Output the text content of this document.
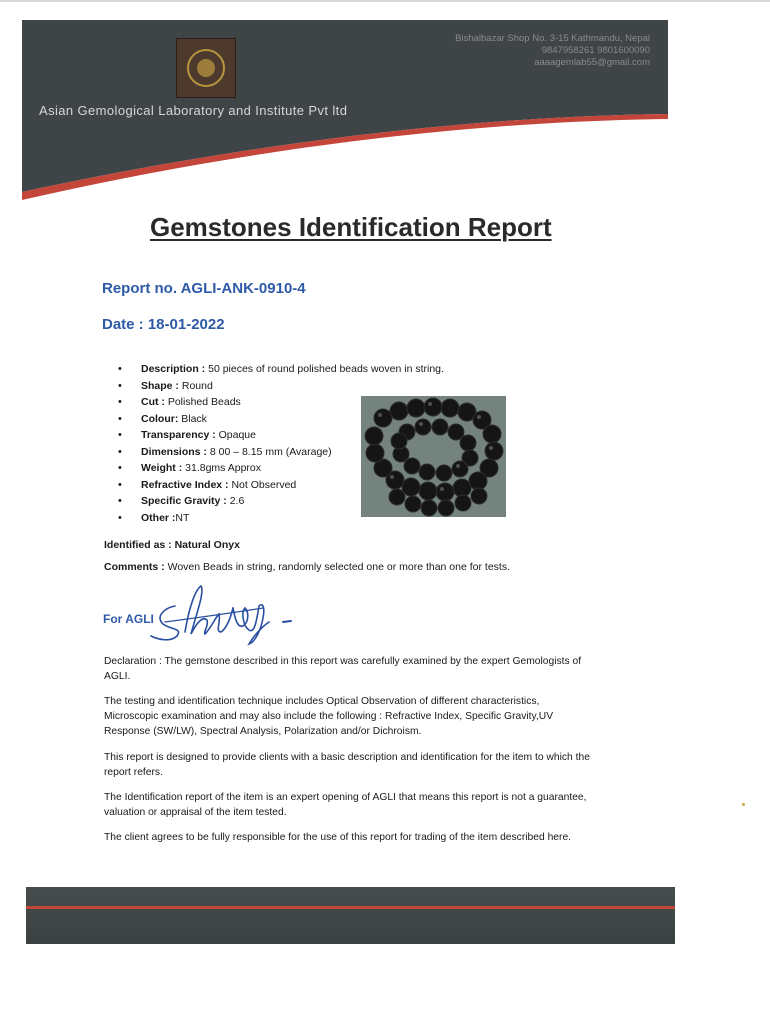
Asian Gemological Laboratory and Institute Pvt ltd
Bishalbazar Shop No. 3-15 Kathmandu, Nepal
9847958261 9801600090
aaaagemlab55@gmail.com
Gemstones Identification Report
Report no. AGLI-ANK-0910-4
Date : 18-01-2022
• Description : 50 pieces of round polished beads woven in string.
• Shape : Round
• Cut : Polished Beads
• Colour: Black
• Transparency : Opaque
• Dimensions : 8 00 – 8.15 mm (Avarage)
• Weight : 31.8gms Approx
• Refractive Index : Not Observed
• Specific Gravity : 2.6
• Other :NT
Identified as : Natural Onyx
Comments : Woven Beads in string, randomly selected one or more than one for tests.
For AGLI

Declaration : The gemstone described in this report was carefully examined by the expert Gemologists of AGLI.

The testing and identification technique includes Optical Observation of different characteristics, Microscopic examination and may also include the following : Refractive Index, Specific Gravity,UV Response (SW/LW), Spectral Analysis, Polarization and/or Dichroism.

This report is designed to provide clients with a basic description and identification for the item to which the report refers.

The Identification report of the item is an expert opening of AGLI that means this report is not a guarantee, valuation or appraisal of the item tested.

The client agrees to be fully responsible for the use of this report for trading of the item described here.
